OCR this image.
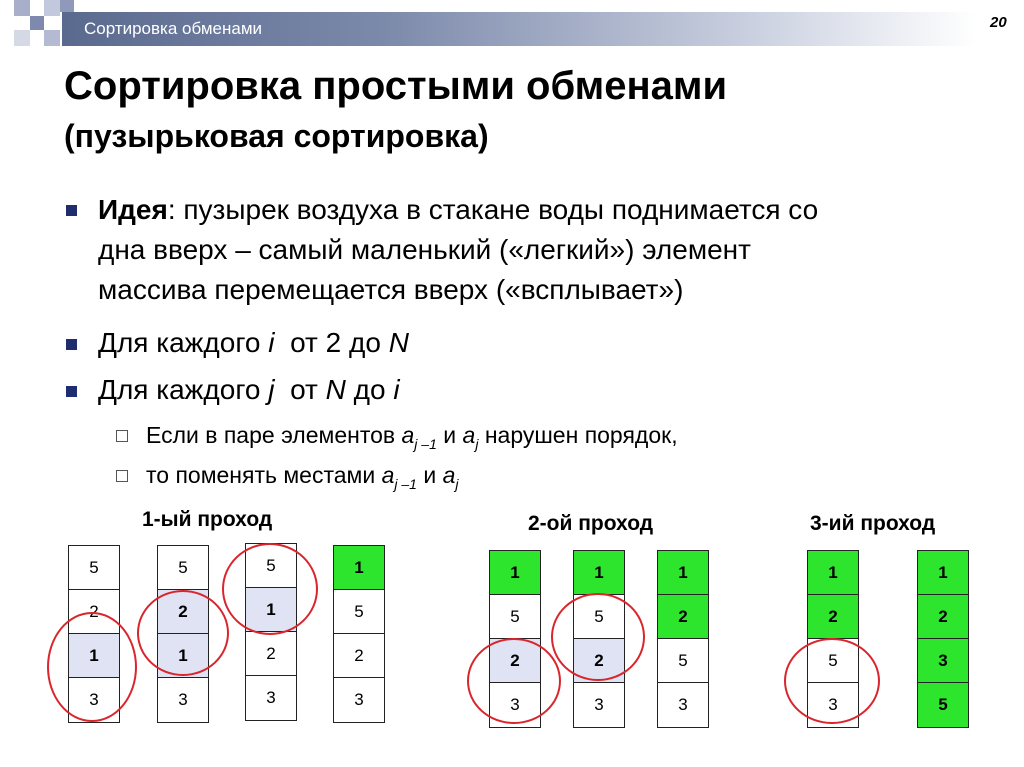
Сортировка обменами	20
Сортировка простыми обменами
(пузырьковая сортировка)
Идея: пузырек воздуха в стакане воды поднимается со
дна вверх – самый маленький («легкий») элемент
массива перемещается вверх («всплывает»)
Для каждого i  от 2 до N
Для каждого j  от N до i
Если в паре элементов $a_{j -1}$ и $a_j$ нарушен порядок,
то поменять местами $a_{j -1}$ и $a_j$
1-ый проход	2-ой проход	3-ий проход
5
2
1
3
5
2
1
3
5
1
2
3
1
5
2
3
1
5
2
3
1
5
2
3
1
2
5
3
1
2
5
3
1
2
3
5
